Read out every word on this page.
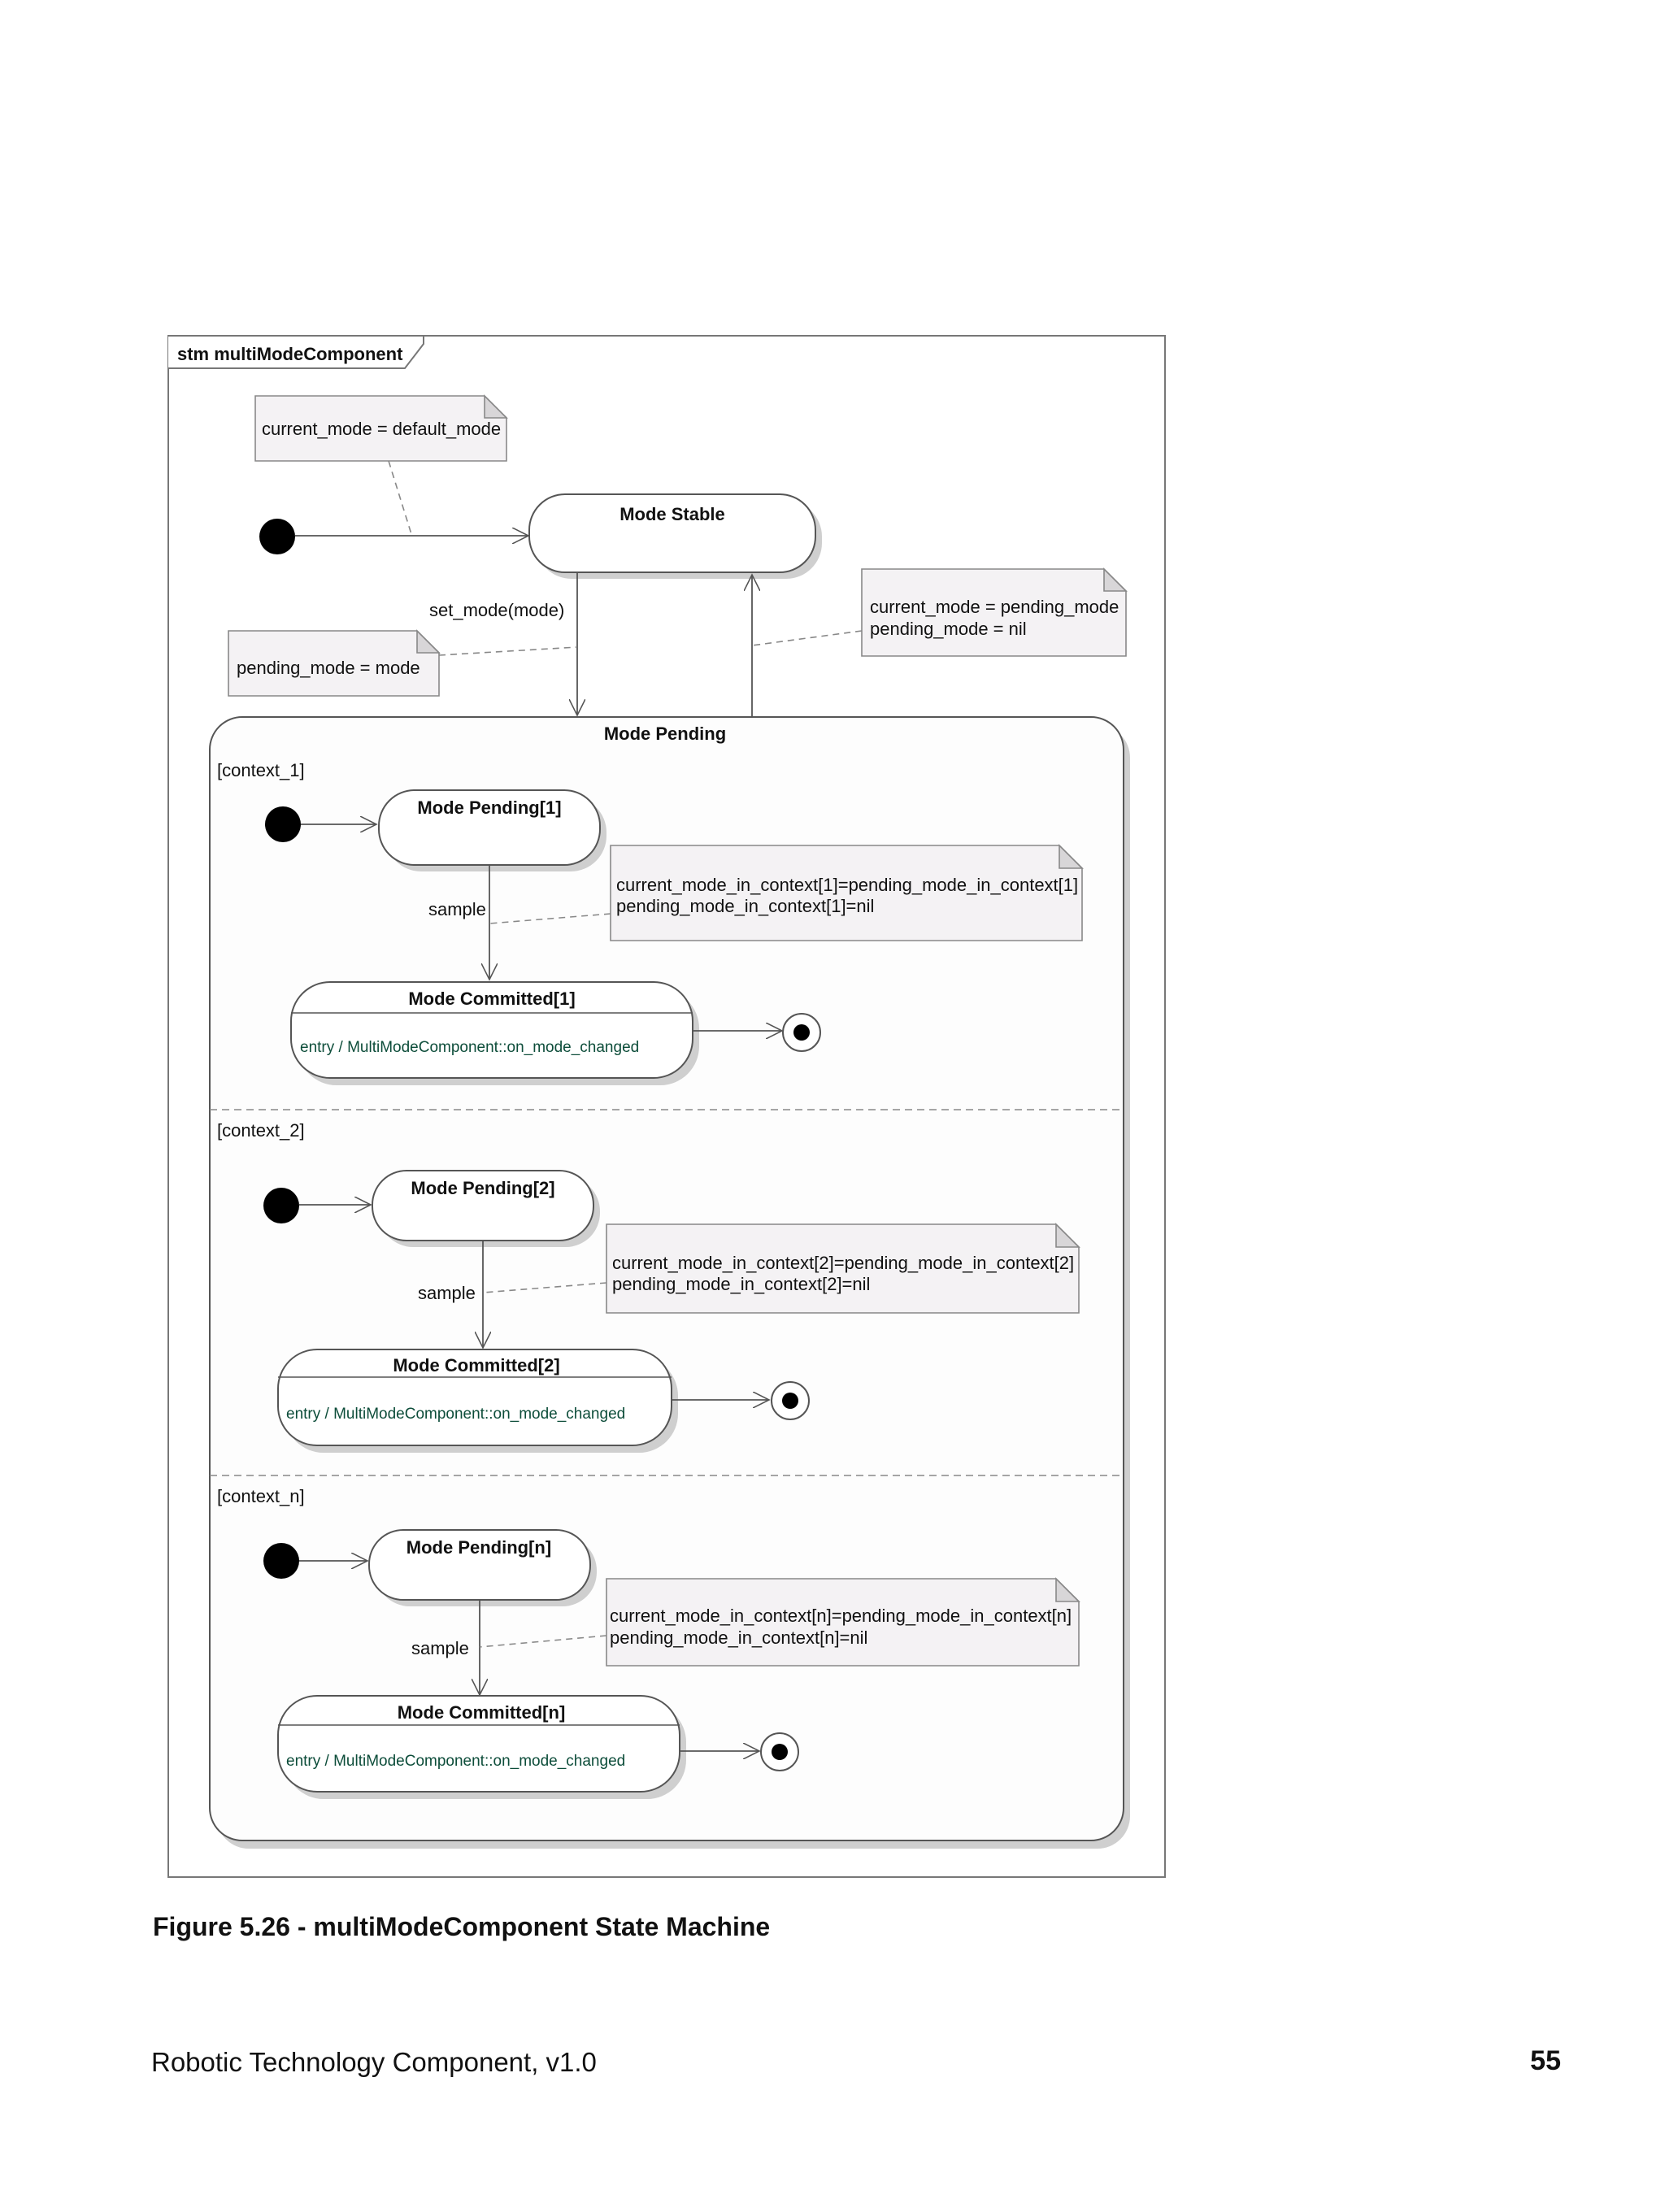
stm multiModeComponent
current_mode = default_mode
Mode Stable
set_mode(mode)
pending_mode = mode
current_mode = pending_mode
pending_mode = nil
Mode Pending
[context_1]
Mode Pending[1]
sample
current_mode_in_context[1]=pending_mode_in_context[1]
pending_mode_in_context[1]=nil
Mode Committed[1]
entry / MultiModeComponent::on_mode_changed
[context_2]
Mode Pending[2]
sample
current_mode_in_context[2]=pending_mode_in_context[2]
pending_mode_in_context[2]=nil
Mode Committed[2]
entry / MultiModeComponent::on_mode_changed
[context_n]
Mode Pending[n]
sample
current_mode_in_context[n]=pending_mode_in_context[n]
pending_mode_in_context[n]=nil
Mode Committed[n]
entry / MultiModeComponent::on_mode_changed

Figure 5.26 - multiModeComponent State Machine

Robotic Technology Component, v1.0	55
